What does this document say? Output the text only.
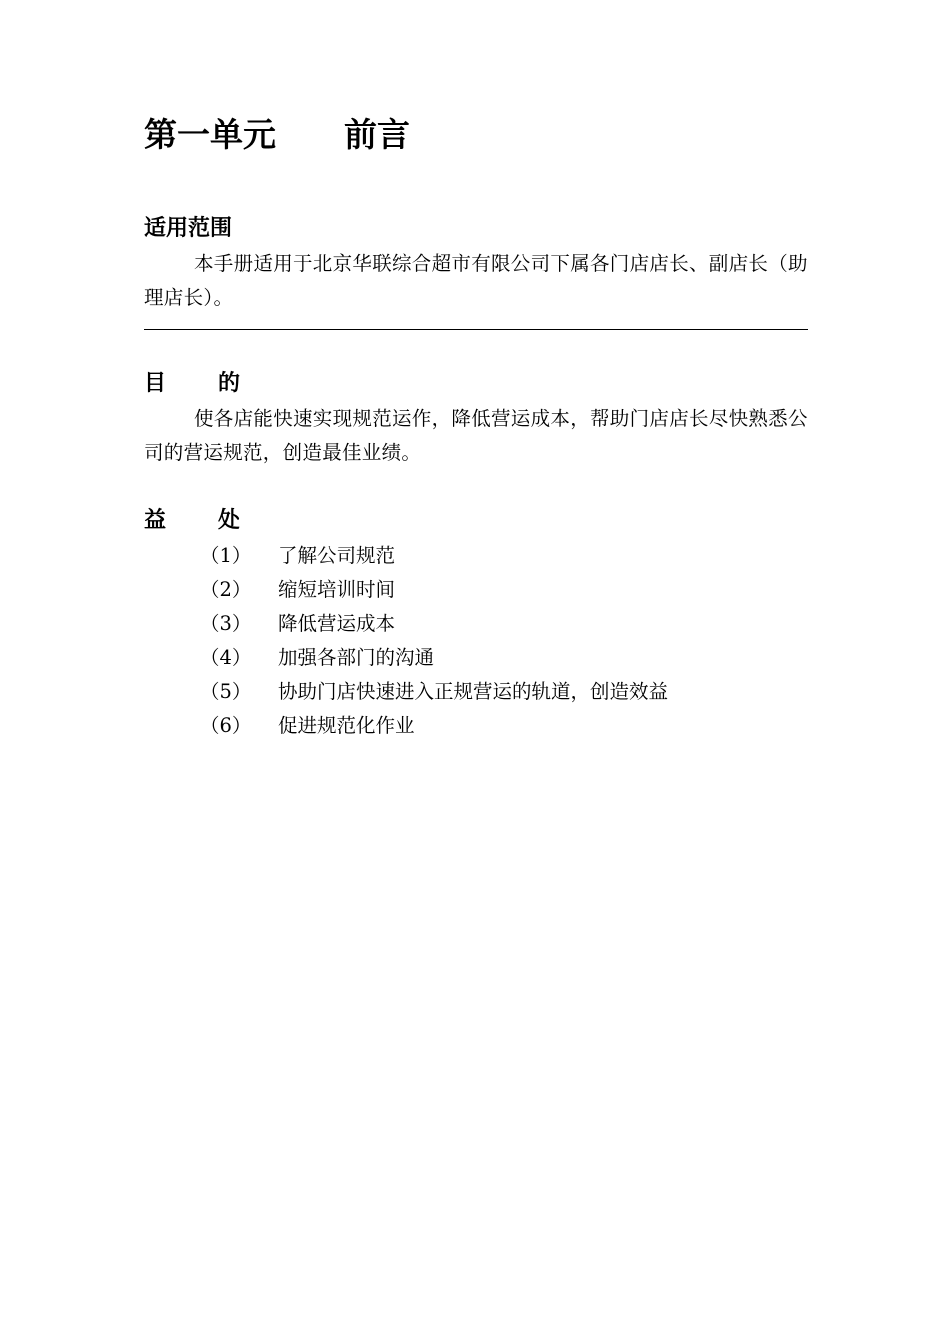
第一单元 前言
适用范围
本手册适用于北京华联综合超市有限公司下属各门店店长、副店长（助理店长）。
目 的
使各店能快速实现规范运作，降低营运成本，帮助门店店长尽快熟悉公司的营运规范，创造最佳业绩。
益 处
（1） 了解公司规范
（2） 缩短培训时间
（3） 降低营运成本
（4） 加强各部门的沟通
（5） 协助门店快速进入正规营运的轨道，创造效益
（6） 促进规范化作业
